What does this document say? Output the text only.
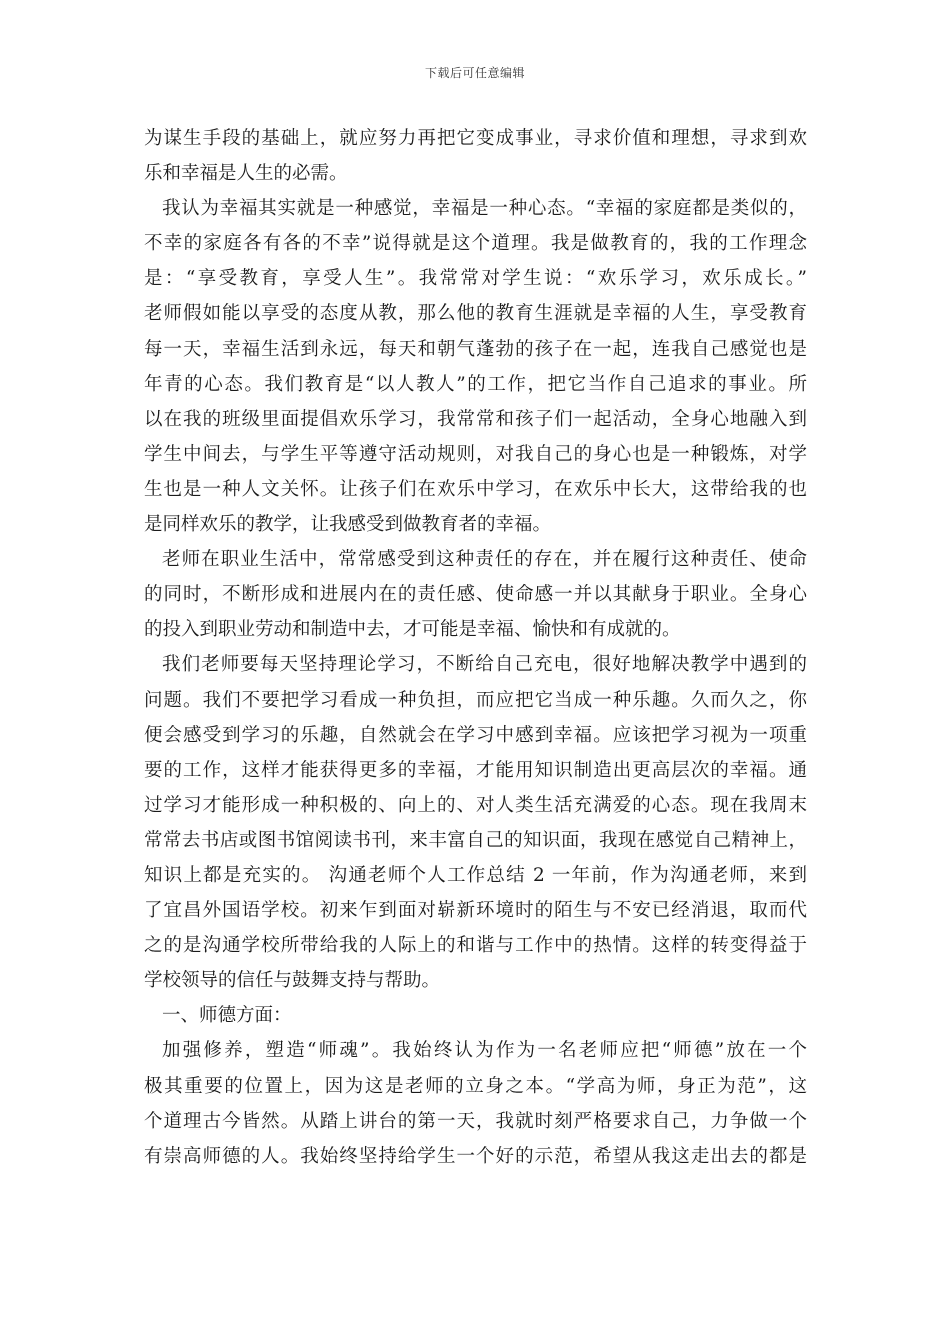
下载后可任意编辑
为谋生手段的基础上，就应努力再把它变成事业，寻求价值和理想，寻求到欢
乐和幸福是人生的必需。
我认为幸福其实就是一种感觉，幸福是一种心态。“幸福的家庭都是类似的，
不幸的家庭各有各的不幸”说得就是这个道理。我是做教育的，我的工作理念
是：“享受教育，享受人生”。我常常对学生说：“欢乐学习，欢乐成长。”
老师假如能以享受的态度从教，那么他的教育生涯就是幸福的人生，享受教育
每一天，幸福生活到永远，每天和朝气蓬勃的孩子在一起，连我自己感觉也是
年青的心态。我们教育是“以人教人”的工作，把它当作自己追求的事业。所
以在我的班级里面提倡欢乐学习，我常常和孩子们一起活动，全身心地融入到
学生中间去，与学生平等遵守活动规则，对我自己的身心也是一种锻炼，对学
生也是一种人文关怀。让孩子们在欢乐中学习，在欢乐中长大，这带给我的也
是同样欢乐的教学，让我感受到做教育者的幸福。
老师在职业生活中，常常感受到这种责任的存在，并在履行这种责任、使命
的同时，不断形成和进展内在的责任感、使命感一并以其献身于职业。全身心
的投入到职业劳动和制造中去，才可能是幸福、愉快和有成就的。
我们老师要每天坚持理论学习，不断给自己充电，很好地解决教学中遇到的
问题。我们不要把学习看成一种负担，而应把它当成一种乐趣。久而久之，你
便会感受到学习的乐趣，自然就会在学习中感到幸福。应该把学习视为一项重
要的工作，这样才能获得更多的幸福，才能用知识制造出更高层次的幸福。通
过学习才能形成一种积极的、向上的、对人类生活充满爱的心态。现在我周末
常常去书店或图书馆阅读书刊，来丰富自己的知识面，我现在感觉自己精神上，
知识上都是充实的。 沟通老师个人工作总结 2 一年前，作为沟通老师，来到
了宜昌外国语学校。初来乍到面对崭新环境时的陌生与不安已经消退，取而代
之的是沟通学校所带给我的人际上的和谐与工作中的热情。这样的转变得益于
学校领导的信任与鼓舞支持与帮助。
一、师德方面：
加强修养，塑造“师魂”。我始终认为作为一名老师应把“师德”放在一个
极其重要的位置上，因为这是老师的立身之本。“学高为师，身正为范”，这
个道理古今皆然。从踏上讲台的第一天，我就时刻严格要求自己，力争做一个
有崇高师德的人。我始终坚持给学生一个好的示范，希望从我这走出去的都是
